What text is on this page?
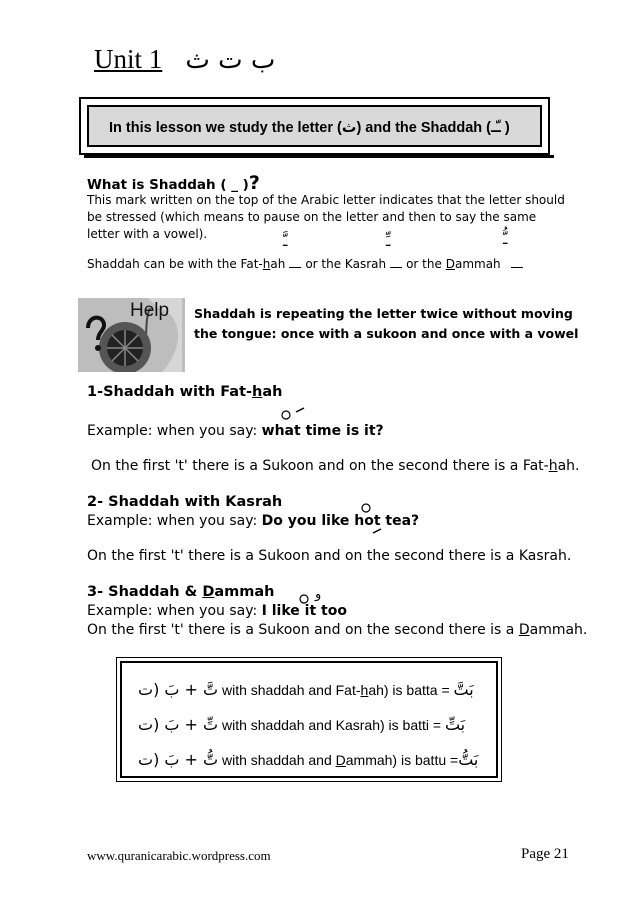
Unit 1 ب ت ث
In this lesson we study the letter (ث) and the Shaddah (ـّـ )
What is Shaddah ( _ )?
This mark written on the top of the Arabic letter indicates that the letter should be stressed (which means to pause on the letter and then to say the same letter with a vowel).	ـَّ	ـِّ	ـُّ
Shaddah can be with the Fat-hah or the Kasrah or the Dammah
Help Shaddah is repeating the letter twice without moving
the tongue: once with a sukoon and once with a vowel
1-Shaddah with Fat-hah
Example: when you say: what time is it?
On the first 't' there is a Sukoon and on the second there is a Fat-hah.
2- Shaddah with Kasrah
Example: when you say: Do you like hot tea?
On the first 't' there is a Sukoon and on the second there is a Kasrah.
3- Shaddah & Dammah	و
Example: when you say: I like it too
On the first 't' there is a Sukoon and on the second there is a Dammah.
تَّ + بَ (ت with shaddah and Fat-hah) is batta = بَتَّ
تِّ + بَ (ت with shaddah and Kasrah) is batti = بَتِّ
تُّ + بَ (ت with shaddah and Dammah) is battu =بَتُّ
www.quranicarabic.wordpress.com	Page 21
